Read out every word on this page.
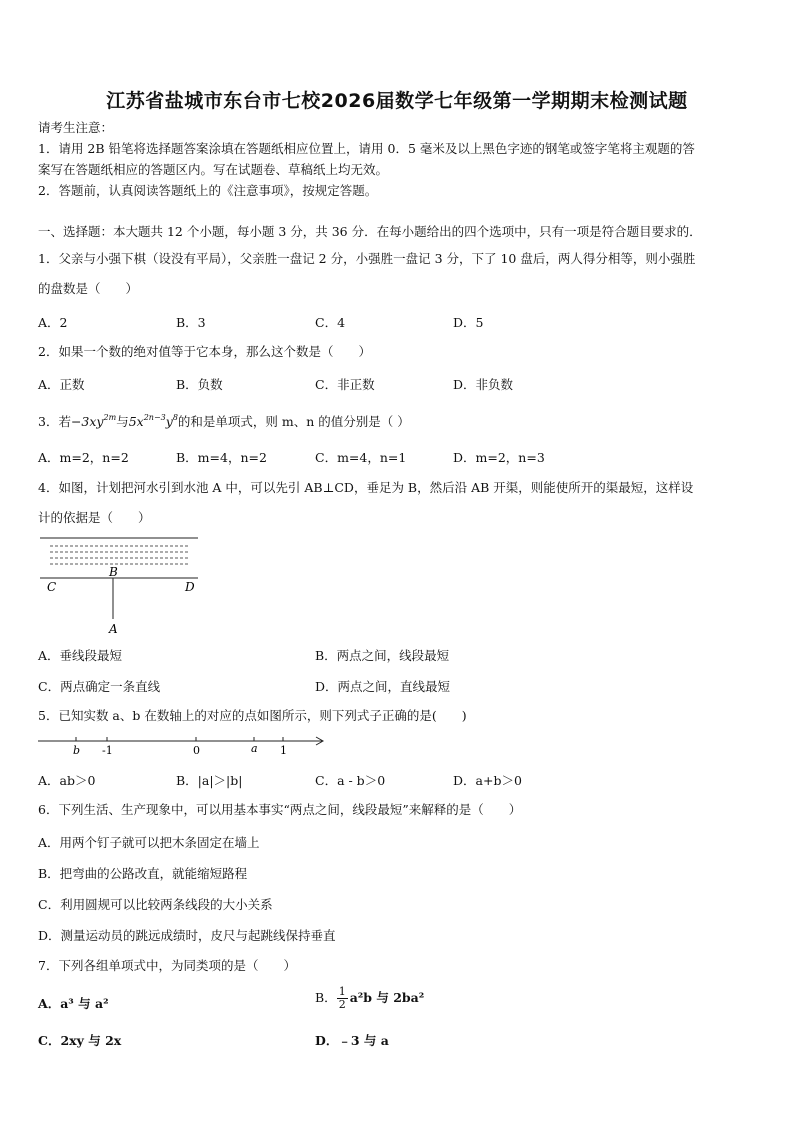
江苏省盐城市东台市七校2026届数学七年级第一学期期末检测试题
请考生注意：
1．请用 2B 铅笔将选择题答案涂填在答题纸相应位置上，请用 0．5 毫米及以上黑色字迹的钢笔或签字笔将主观题的答
案写在答题纸相应的答题区内。写在试题卷、草稿纸上均无效。
2．答题前，认真阅读答题纸上的《注意事项》，按规定答题。
一、选择题：本大题共 12 个小题，每小题 3 分，共 36 分．在每小题给出的四个选项中，只有一项是符合题目要求的．
1．父亲与小强下棋（设没有平局），父亲胜一盘记 2 分，小强胜一盘记 3 分，下了 10 盘后，两人得分相等，则小强胜
的盘数是（　　）
A．2	B．3	C．4	D．5
2．如果一个数的绝对值等于它本身，那么这个数是（　　）
A．正数	B．负数	C．非正数	D．非负数
3．若$-3xy^{2m}$与$5x^{2n-3}y^8$的和是单项式，则 m、n 的值分别是（ ）
A．m=2，n=2	B．m=4，n=2	C．m=4，n=1	D．m=2，n=3
4．如图，计划把河水引到水池 A 中，可以先引 AB⊥CD，垂足为 B，然后沿 AB 开渠，则能使所开的渠最短，这样设
计的依据是（　　）
B
C	D
A
A．垂线段最短	B．两点之间，线段最短
C．两点确定一条直线	D．两点之间，直线最短
5．已知实数 a、b 在数轴上的对应的点如图所示，则下列式子正确的是(　　)
b -1	0	a 1
A．ab＞0	B．|a|＞|b|	C．a - b＞0	D．a+b＞0
6．下列生活、生产现象中，可以用基本事实“两点之间，线段最短”来解释的是（　　）
A．用两个钉子就可以把木条固定在墙上
B．把弯曲的公路改直，就能缩短路程
C．利用圆规可以比较两条线段的大小关系
D．测量运动员的跳远成绩时，皮尺与起跳线保持垂直
7．下列各组单项式中，为同类项的是（　　）
A．a³ 与 a²	B． $\frac{1}{2} a^2b$ 与 2ba²
C．2xy 与 2x	D．﹣3 与 a
